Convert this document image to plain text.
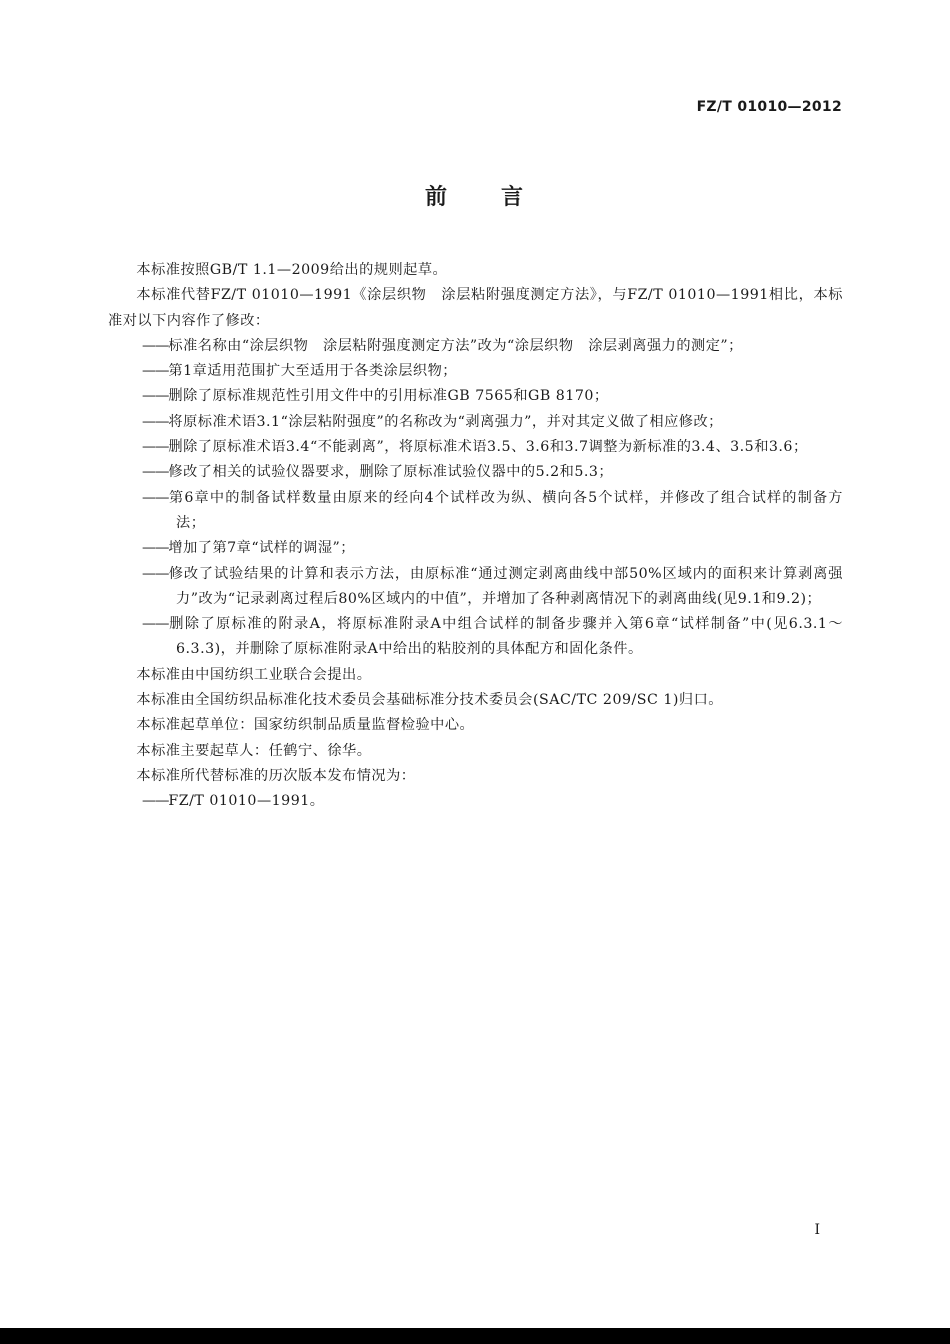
FZ/T 01010—2012
前 言

本标准按照GB/T 1.1—2009给出的规则起草。

本标准代替FZ/T 01010—1991《涂层织物　涂层粘附强度测定方法》，与FZ/T 01010—1991相比，本标准对以下内容作了修改：

——标准名称由“涂层织物　涂层粘附强度测定方法”改为“涂层织物　涂层剥离强力的测定”；

——第1章适用范围扩大至适用于各类涂层织物；

——删除了原标准规范性引用文件中的引用标准GB 7565和GB 8170；

——将原标准术语3.1“涂层粘附强度”的名称改为“剥离强力”，并对其定义做了相应修改；

——删除了原标准术语3.4“不能剥离”，将原标准术语3.5、3.6和3.7调整为新标准的3.4、3.5和3.6；

——修改了相关的试验仪器要求，删除了原标准试验仪器中的5.2和5.3；

——第6章中的制备试样数量由原来的经向4个试样改为纵、横向各5个试样，并修改了组合试样的制备方法；

——增加了第7章“试样的调湿”；

——修改了试验结果的计算和表示方法，由原标准“通过测定剥离曲线中部50%区域内的面积来计算剥离强力”改为“记录剥离过程后80%区域内的中值”，并增加了各种剥离情况下的剥离曲线(见9.1和9.2)；

——删除了原标准的附录A，将原标准附录A中组合试样的制备步骤并入第6章“试样制备”中(见6.3.1～6.3.3)，并删除了原标准附录A中给出的粘胶剂的具体配方和固化条件。

本标准由中国纺织工业联合会提出。

本标准由全国纺织品标准化技术委员会基础标准分技术委员会(SAC/TC 209/SC 1)归口。

本标准起草单位：国家纺织制品质量监督检验中心。

本标准主要起草人：任鹤宁、徐华。

本标准所代替标准的历次版本发布情况为：

——FZ/T 01010—1991。

I
